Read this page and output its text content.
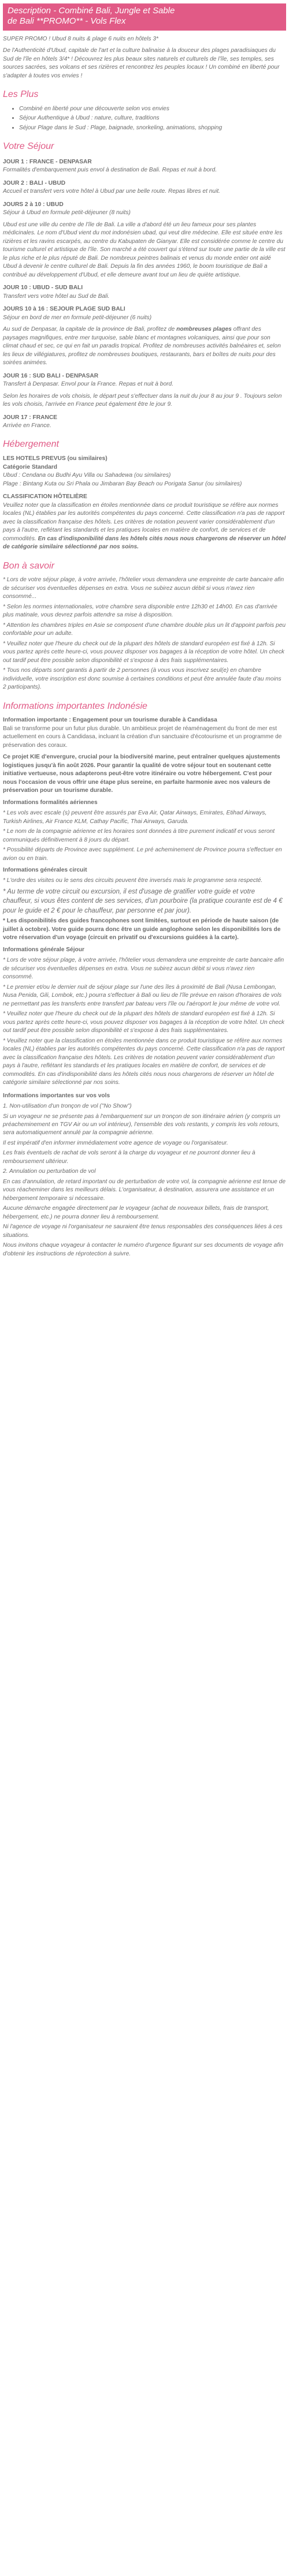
Description - Combiné Bali, Jungle et Sable
de Bali **PROMO** - Vols Flex

SUPER PROMO ! Ubud 8 nuits & plage 6 nuits en hôtels 3*

De l'Authenticité d'Ubud, capitale de l'art et la culture balinaise à la douceur des plages paradisiaques du Sud de l'île en hôtels 3/4* ! Découvrez les plus beaux sites naturels et culturels de l'île, ses temples, ses sources sacrées, ses volcans et ses rizières et rencontrez les peuples locaux ! Un combiné en liberté pour s'adapter à toutes vos envies !

Les Plus
• Combiné en liberté pour une découverte selon vos envies
• Séjour Authentique à Ubud : nature, culture, traditions
• Séjour Plage dans le Sud : Plage, baignade, snorkeling, animations, shopping
Votre Séjour
JOUR 1 : FRANCE - DENPASAR
Formalités d'embarquement puis envol à destination de Bali. Repas et nuit à bord.
JOUR 2 : BALI - UBUD
Accueil et transfert vers votre hôtel à Ubud par une belle route. Repas libres et nuit.
JOURS 2 à 10 : UBUD
Séjour à Ubud en formule petit-déjeuner (8 nuits)

Ubud est une ville du centre de l'île de Bali. La ville a d'abord été un lieu fameux pour ses plantes médicinales. Le nom d'Ubud vient du mot indonésien ubad, qui veut dire médecine. Elle est située entre les rizières et les ravins escarpés, au centre du Kabupaten de Gianyar. Elle est considérée comme le centre du tourisme culturel et artistique de l'île. Son marché a été couvert qui s'étend sur toute une partie de la ville est le plus riche et le plus réputé de Bali. De nombreux peintres balinais et venus du monde entier ont aidé Ubud à devenir le centre culturel de Bali. Depuis la fin des années 1960, le boom touristique de Bali a contribué au développement d'Ubud, et elle demeure avant tout un lieu de quiète artistique.

JOUR 10 : UBUD - SUD BALI
Transfert vers votre hôtel au Sud de Bali.
JOURS 10 à 16 : SEJOUR PLAGE SUD BALI
Séjour en bord de mer en formule petit-déjeuner (6 nuits)

Au sud de Denpasar, la capitale de la province de Bali, profitez de nombreuses plages offrant des paysages magnifiques, entre mer turquoise, sable blanc et montagnes volcaniques, ainsi que pour son climat chaud et sec, ce qui en fait un paradis tropical. Profitez de nombreuses activités balnéaires et, selon les lieux de villégiatures, profitez de nombreuses boutiques, restaurants, bars et boîtes de nuits pour des soirées animées.

JOUR 16 : SUD BALI - DENPASAR
Transfert à Denpasar. Envol pour la France. Repas et nuit à bord.

Selon les horaires de vols choisis, le départ peut s'effectuer dans la nuit du jour 8 au jour 9 . Toujours selon les vols choisis, l'arrivée en France peut également être le jour 9.

JOUR 17 : FRANCE
Arrivée en France.
Hébergement
LES HOTELS PREVUS (ou similaires)
Catégorie Standard
Ubud : Cendana ou Budhi Ayu Villa ou Sahadewa (ou similaires)

Plage : Bintang Kuta ou Sri Phala ou Jimbaran Bay Beach ou Porigata Sanur (ou similaires)

CLASSIFICATION HÔTELIÈRE

Veuillez noter que la classification en étoiles mentionnée dans ce produit touristique se réfère aux normes locales (NL) établies par les autorités compétentes du pays concerné. Cette classification n'a pas de rapport avec la classification française des hôtels. Les critères de notation peuvent varier considérablement d'un pays à l'autre, reflétant les standards et les pratiques locales en matière de confort, de services et de commodités. En cas d'indisponibilité dans les hôtels cités nous nous chargerons de réserver un hôtel de catégorie similaire sélectionné par nos soins.

Bon à savoir
* Lors de votre séjour plage, à votre arrivée, l'hôtelier vous demandera une empreinte de carte bancaire afin de sécuriser vos éventuelles dépenses en extra. Vous ne subirez aucun débit si vous n'avez rien consommé...
* Selon les normes internationales, votre chambre sera disponible entre 12h30 et 14h00. En cas d'arrivée plus matinale, vous devrez parfois attendre sa mise à disposition.
* Attention les chambres triples en Asie se composent d'une chambre double plus un lit d'appoint parfois peu confortable pour un adulte.
* Veuillez noter que l'heure du check out de la plupart des hôtels de standard européen est fixé à 12h. Si vous partez après cette heure-ci, vous pouvez disposer vos bagages à la réception de votre hôtel. Un check out tardif peut être possible selon disponibilité et s'expose à des frais supplémentaires.
* Tous nos départs sont garantis à partir de 2 personnes (à vous vous inscrivez seul(e) en chambre individuelle, votre inscription est donc soumise à certaines conditions et peut être annulée faute d'au moins 2 participants).
Informations importantes Indonésie
Information importante : Engagement pour un tourisme durable à Candidasa

Bali se transforme pour un futur plus durable. Un ambitieux projet de réaménagement du front de mer est actuellement en cours à Candidasa, incluant la création d'un sanctuaire d'écotourisme et un programme de préservation des coraux.

Ce projet KIE d'envergure, crucial pour la biodiversité marine, peut entraîner quelques ajustements logistiques jusqu'à fin août 2026. Pour garantir la qualité de votre séjour tout en soutenant cette initiative vertueuse, nous adapterons peut-être votre itinéraire ou votre hébergement. C'est pour nous l'occasion de vous offrir une étape plus sereine, en parfaite harmonie avec nos valeurs de préservation pour un tourisme durable.

Informations formalités aériennes
* Les vols avec escale (s) peuvent être assurés par Eva Air, Qatar Airways, Emirates, Etihad Airways, Turkish Airlines, Air France KLM, Cathay Pacific, Thai Airways, Garuda.
* Le nom de la compagnie aérienne et les horaires sont données à titre purement indicatif et vous seront communiqués définitivement à 8 jours du départ.
* Possibilité départs de Province avec supplément. Le pré acheminement de Province pourra s'effectuer en avion ou en train.
Informations générales circuit
* L'ordre des visites ou le sens des circuits peuvent être inversés mais le programme sera respecté.
* Au terme de votre circuit ou excursion, il est d'usage de gratifier votre guide et votre chauffeur, si vous êtes content de ses services, d'un pourboire (la pratique courante est de 4 € pour le guide et 2 € pour le chauffeur, par personne et par jour).
* Les disponibilités des guides francophones sont limitées, surtout en période de haute saison (de juillet à octobre). Votre guide pourra donc être un guide anglophone selon les disponibilités lors de votre réservation d'un voyage (circuit en privatif ou d'excursions guidées à la carte).
Informations générale Séjour
* Lors de votre séjour plage, à votre arrivée, l'hôtelier vous demandera une empreinte de carte bancaire afin de sécuriser vos éventuelles dépenses en extra. Vous ne subirez aucun débit si vous n'avez rien consommé.
* Le premier et/ou le dernier nuit de séjour plage sur l'une des îles à proximité de Bali (Nusa Lembongan, Nusa Penida, Gili, Lombok, etc.) pourra s'effectuer à Bali ou lieu de l'île prévue en raison d'horaires de vols ne permettant pas les transferts entre transfert par bateau vers l'île ou l'aéroport le jour même de votre vol.
* Veuillez noter que l'heure du check out de la plupart des hôtels de standard européen est fixé à 12h. Si vous partez après cette heure-ci, vous pouvez disposer vos bagages à la réception de votre hôtel. Un check out tardif peut être possible selon disponibilité et s'expose à des frais supplémentaires.
* Veuillez noter que la classification en étoiles mentionnée dans ce produit touristique se réfère aux normes locales (NL) établies par les autorités compétentes du pays concerné. Cette classification n'a pas de rapport avec la classification française des hôtels. Les critères de notation peuvent varier considérablement d'un pays à l'autre, reflétant les standards et les pratiques locales en matière de confort, de services et de commodités. En cas d'indisponibilité dans les hôtels cités nous nous chargerons de réserver un hôtel de catégorie similaire sélectionné par nos soins.
Informations importantes sur vos vols
1. Non-utilisation d'un tronçon de vol ("No Show")
Si un voyageur ne se présente pas à l'embarquement sur un tronçon de son itinéraire aérien (y compris un préacheminement en TGV Air ou un vol intérieur), l'ensemble des vols restants, y compris les vols retours, sera automatiquement annulé par la compagnie aérienne.
Il est impératif d'en informer immédiatement votre agence de voyage ou l'organisateur.
Les frais éventuels de rachat de vols seront à la charge du voyageur et ne pourront donner lieu à remboursement ultérieur.
2. Annulation ou perturbation de vol
En cas d'annulation, de retard important ou de perturbation de votre vol, la compagnie aérienne est tenue de vous réacheminer dans les meilleurs délais. L'organisateur, à destination, assurera une assistance et un hébergement temporaire si nécessaire.
Aucune démarche engagée directement par le voyageur (achat de nouveaux billets, frais de transport, hébergement, etc.) ne pourra donner lieu à remboursement.
Ni l'agence de voyage ni l'organisateur ne sauraient être tenus responsables des conséquences liées à ces situations.
Nous invitons chaque voyageur à contacter le numéro d'urgence figurant sur ses documents de voyage afin d'obtenir les instructions de réprotection à suivre.
